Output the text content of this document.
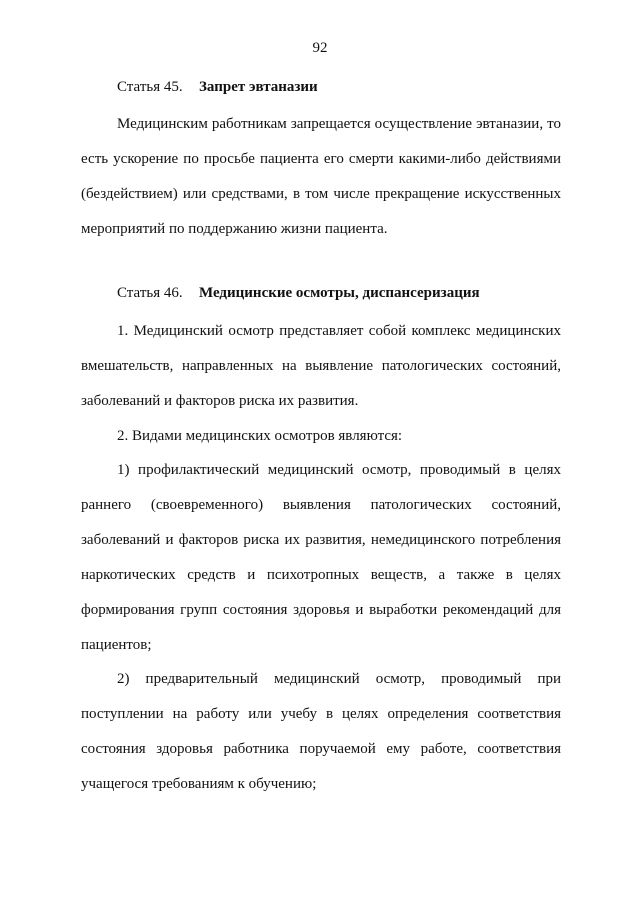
92
Статья 45. Запрет эвтаназии

Медицинским работникам запрещается осуществление эвтаназии, то есть ускорение по просьбе пациента его смерти какими-либо действиями (бездействием) или средствами, в том числе прекращение искусственных мероприятий по поддержанию жизни пациента.

Статья 46. Медицинские осмотры, диспансеризация

1. Медицинский осмотр представляет собой комплекс медицинских вмешательств, направленных на выявление патологических состояний, заболеваний и факторов риска их развития.

2. Видами медицинских осмотров являются:

1) профилактический медицинский осмотр, проводимый в целях раннего (своевременного) выявления патологических состояний, заболеваний и факторов риска их развития, немедицинского потребления наркотических средств и психотропных веществ, а также в целях формирования групп состояния здоровья и выработки рекомендаций для пациентов;

2) предварительный медицинский осмотр, проводимый при поступлении на работу или учебу в целях определения соответствия состояния здоровья работника поручаемой ему работе, соответствия учащегося требованиям к обучению;
